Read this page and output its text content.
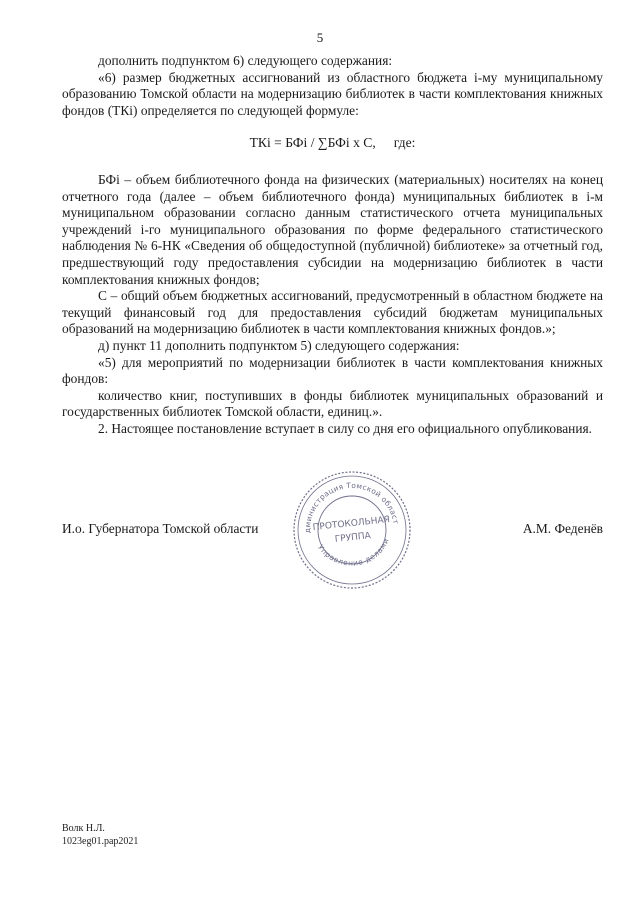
5

дополнить подпунктом 6) следующего содержания:

«6) размер бюджетных ассигнований из областного бюджета i-му муниципальному образованию Томской области на модернизацию библиотек в части комплектования книжных фондов (ТКi) определяется по следующей формуле:

ТКi = БФi / ∑БФi x С, где:

БФi – объем библиотечного фонда на физических (материальных) носителях на конец отчетного года (далее – объем библиотечного фонда) муниципальных библиотек в i-м муниципальном образовании согласно данным статистического отчета муниципальных учреждений i-го муниципального образования по форме федерального статистического наблюдения № 6-НК «Сведения об общедоступной (публичной) библиотеке» за отчетный год, предшествующий году предоставления субсидии на модернизацию библиотек в части комплектования книжных фондов;

С – общий объем бюджетных ассигнований, предусмотренный в областном бюджете на текущий финансовый год для предоставления субсидий бюджетам муниципальных образований на модернизацию библиотек в части комплектования книжных фондов.»;

д) пункт 11 дополнить подпунктом 5) следующего содержания:

«5) для мероприятий по модернизации библиотек в части комплектования книжных фондов:

количество книг, поступивших в фонды библиотек муниципальных образований и государственных библиотек Томской области, единиц.».

2. Настоящее постановление вступает в силу со дня его официального опубликования.

И.о. Губернатора Томской области	А.М. Феденёв
Администрация Томской области
Управление делами
ПРОТОКОЛЬНАЯ
ГРУППА
Волк Н.Л.
1023eg01.pap2021
